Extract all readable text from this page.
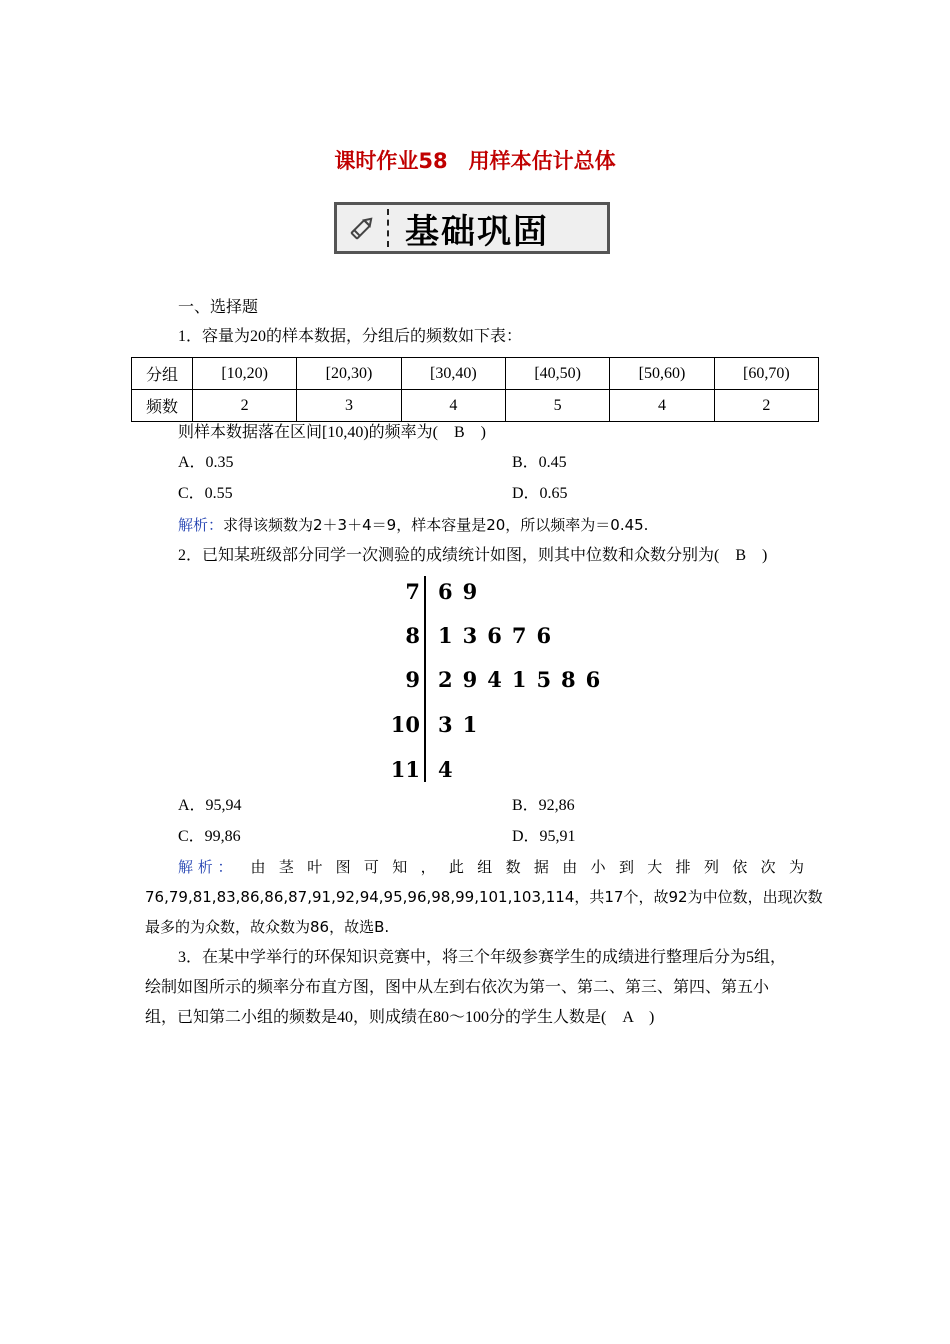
课时作业58　用样本估计总体
基础巩固
一、选择题
1．容量为20的样本数据，分组后的频数如下表：
分组	[10,20)	[20,30)	[30,40)	[40,50)	[50,60)	[60,70)
频数	2	3	4	5	4	2
则样本数据落在区间[10,40)的频率为(　B　)
A．0.35	B．0.45
C．0.55	D．0.65
解析：求得该频数为2＋3＋4＝9，样本容量是20，所以频率为＝0.45.
2．已知某班级部分同学一次测验的成绩统计如图，则其中位数和众数分别为(　B　)
7 69
8 13676
9 2941586
10 31
11 4
A．95,94	B．92,86
C．99,86	D．95,91
解 析 ： 由 茎 叶 图 可 知 ， 此 组 数 据 由 小 到 大 排 列 依 次 为
76,79,81,83,86,86,87,91,92,94,95,96,98,99,101,103,114，共17个，故92为中位数，出现次数
最多的为众数，故众数为86，故选B.
3．在某中学举行的环保知识竞赛中，将三个年级参赛学生的成绩进行整理后分为5组，
绘制如图所示的频率分布直方图，图中从左到右依次为第一、第二、第三、第四、第五小
组，已知第二小组的频数是40，则成绩在80～100分的学生人数是(　A　)
